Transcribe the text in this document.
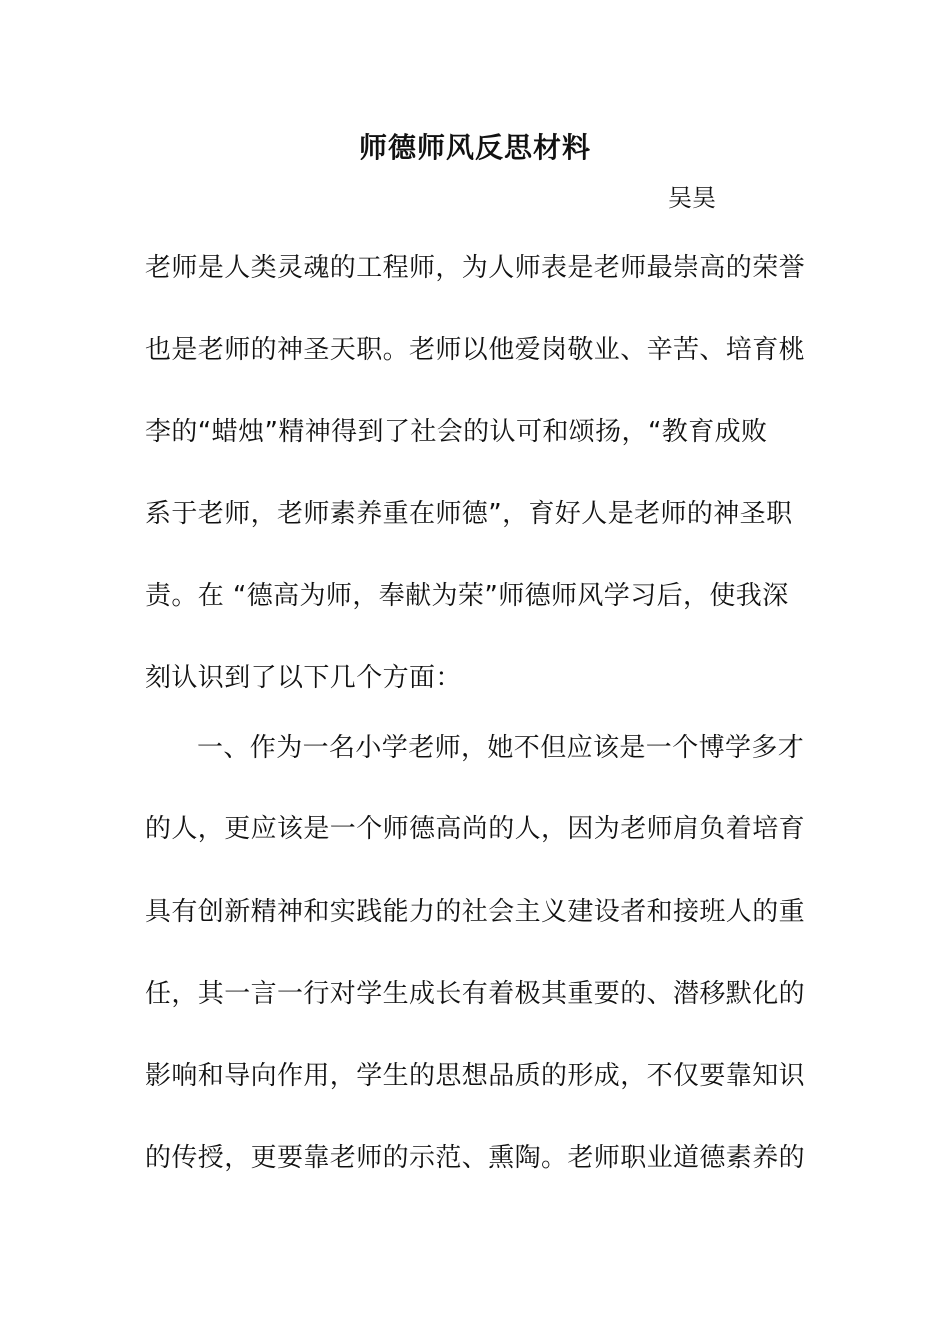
师德师风反思材料
吴昊
老师是人类灵魂的工程师，为人师表是老师最崇高的荣誉
也是老师的神圣天职。老师以他爱岗敬业、辛苦、培育桃
李的“蜡烛”精神得到了社会的认可和颂扬，“教育成败
系于老师，老师素养重在师德”，育好人是老师的神圣职
责。在 “德高为师，奉献为荣”师德师风学习后，使我深
刻认识到了以下几个方面：
一、作为一名小学老师，她不但应该是一个博学多才
的人，更应该是一个师德高尚的人，因为老师肩负着培育
具有创新精神和实践能力的社会主义建设者和接班人的重
任，其一言一行对学生成长有着极其重要的、潜移默化的
影响和导向作用，学生的思想品质的形成，不仅要靠知识
的传授，更要靠老师的示范、熏陶。老师职业道德素养的
